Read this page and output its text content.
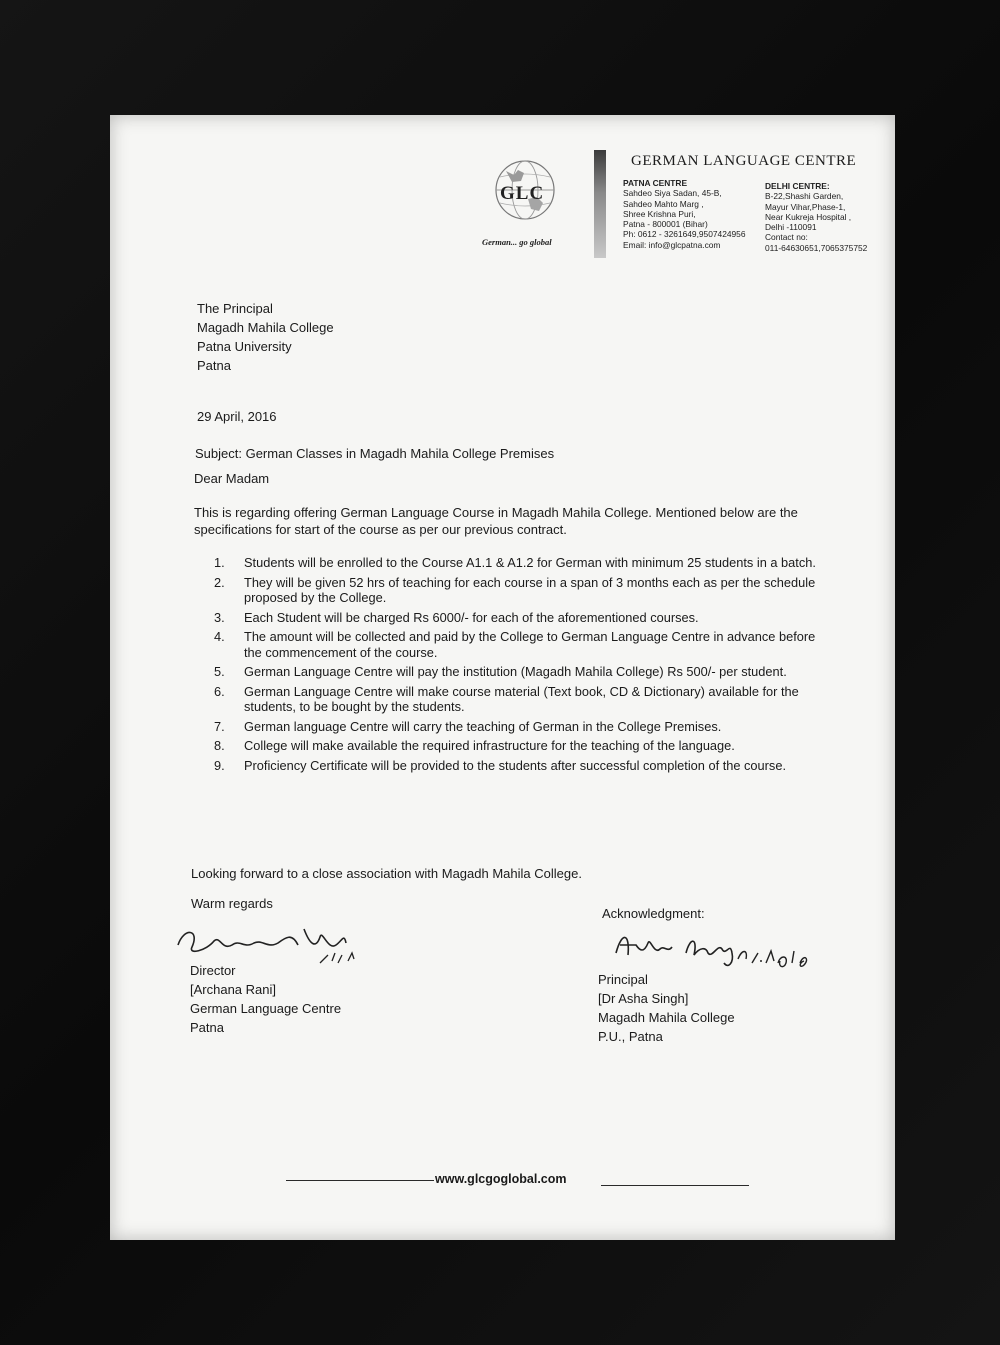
GLC
German... go global
GERMAN LANGUAGE CENTRE
PATNA CENTRE
Sahdeo Siya Sadan, 45-B,
Sahdeo Mahto Marg ,
Shree Krishna Puri,
Patna - 800001 (Bihar)
Ph: 0612 - 3261649,9507424956
Email: info@glcpatna.com
DELHI CENTRE:
B-22,Shashi Garden,
Mayur Vihar,Phase-1,
Near Kukreja Hospital ,
Delhi -110091
Contact no:
011-64630651,7065375752
The Principal
Magadh Mahila College
Patna University
Patna
29 April, 2016
Subject: German Classes in Magadh Mahila College Premises
Dear Madam
This is regarding offering German Language Course in Magadh Mahila College. Mentioned below are the specifications for start of the course as per our previous contract.
1. Students will be enrolled to the Course A1.1 & A1.2 for German with minimum 25 students in a batch.
2. They will be given 52 hrs of teaching for each course in a span of 3 months each as per the schedule proposed by the College.
3. Each Student will be charged Rs 6000/- for each of the aforementioned courses.
4. The amount will be collected and paid by the College to German Language Centre in advance before the commencement of the course.
5. German Language Centre will pay the institution (Magadh Mahila College) Rs 500/- per student.
6. German Language Centre will make course material (Text book, CD & Dictionary) available for the students, to be bought by the students.
7. German language Centre will carry the teaching of German in the College Premises.
8. College will make available the required infrastructure for the teaching of the language.
9. Proficiency Certificate will be provided to the students after successful completion of the course.
Looking forward to a close association with Magadh Mahila College.
Warm regards
Director
[Archana Rani]
German Language Centre
Patna
Acknowledgment:
Principal
[Dr Asha Singh]
Magadh Mahila College
P.U., Patna
www.glcgoglobal.com
